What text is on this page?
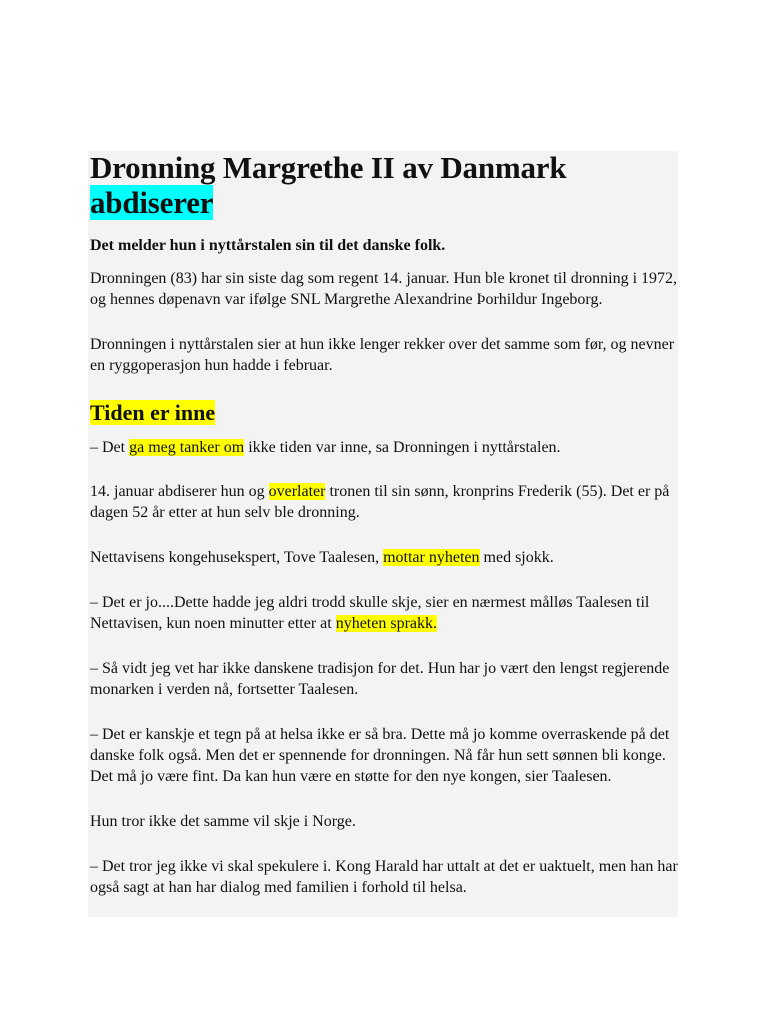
Dronning Margrethe II av Danmark
abdiserer

Det melder hun i nyttårstalen sin til det danske folk.

Dronningen (83) har sin siste dag som regent 14. januar. Hun ble kronet til dronning i 1972, og hennes døpenavn var ifølge SNL Margrethe Alexandrine Þorhildur Ingeborg.

Dronningen i nyttårstalen sier at hun ikke lenger rekker over det samme som før, og nevner en ryggoperasjon hun hadde i februar.

Tiden er inne

– Det ga meg tanker om ikke tiden var inne, sa Dronningen i nyttårstalen.

14. januar abdiserer hun og overlater tronen til sin sønn, kronprins Frederik (55). Det er på dagen 52 år etter at hun selv ble dronning.

Nettavisens kongehusekspert, Tove Taalesen, mottar nyheten med sjokk.

– Det er jo....Dette hadde jeg aldri trodd skulle skje, sier en nærmest målløs Taalesen til Nettavisen, kun noen minutter etter at nyheten sprakk.

– Så vidt jeg vet har ikke danskene tradisjon for det. Hun har jo vært den lengst regjerende monarken i verden nå, fortsetter Taalesen.

– Det er kanskje et tegn på at helsa ikke er så bra. Dette må jo komme overraskende på det danske folk også. Men det er spennende for dronningen. Nå får hun sett sønnen bli konge. Det må jo være fint. Da kan hun være en støtte for den nye kongen, sier Taalesen.

Hun tror ikke det samme vil skje i Norge.

– Det tror jeg ikke vi skal spekulere i. Kong Harald har uttalt at det er uaktuelt, men han har også sagt at han har dialog med familien i forhold til helsa.
